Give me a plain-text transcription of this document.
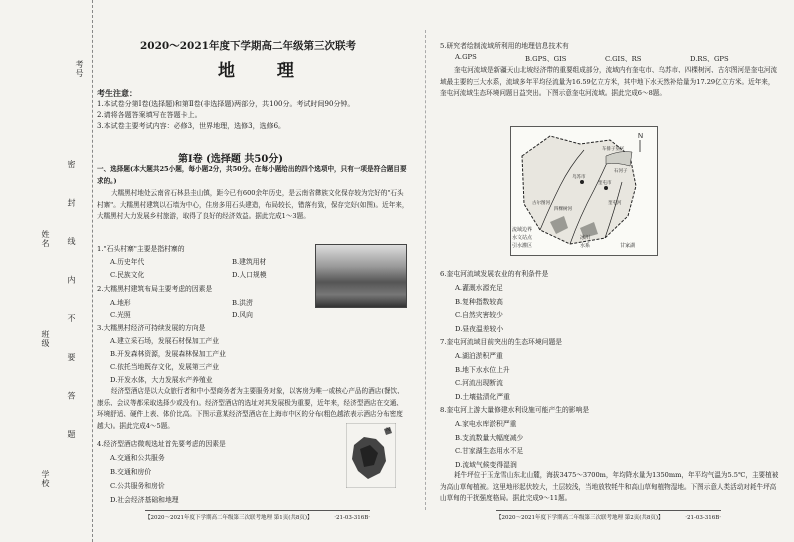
考号
姓名
班级
学校
密 封 线 内 不 要 答 题
2020～2021年度下学期高二年级第三次联考
地 理
考生注意：
1.本试卷分第Ⅰ卷(选择题)和第Ⅱ卷(非选择题)两部分，共100分。考试时间90分钟。
2.请将各题答案填写在答题卡上。
3.本试卷主要考试内容：必修3，世界地理，选修3，选修6。
第Ⅰ卷 (选择题 共50分)
一、选择题(本大题共25小题，每小题2分，共50分。在每小题给出的四个选项中，只有一项是符合题目要求的。)
大糯黑村地处云南省石林县圭山镇，距今已有600余年历史，是云南省彝族文化保存较为完好的"石头村寨"。大糯黑村建筑以石墙为中心，住房多用石头建造，布局较长，错落有致，保存完好(如图)。近年来，大糯黑村大力发展乡村旅游，取得了良好的经济效益。据此完成1～3题。
1."石头村寨"主要是指村寨的
A.历史年代	B.建筑用材
C.民族文化	D.人口规模
2.大糯黑村建筑布局主要考虑的因素是
A.地形	B.洪涝
C.光照	D.风向
3.大糯黑村经济可持续发展的方向是
A.建立采石场，发展石材保加工产业
B.开发森林资源，发展森林保加工产业
C.依托当地既存文化，发展第三产业
D.开发水体，大力发展水产养殖业
经济型酒店是以大众旅行者和中小型商务者为主要服务对象，以客房为唯一或核心产品的酒店(餐饮、康乐、会议等都采取选择少或没有)。经济型酒店的选址对其发展极为重要，近年来，经济型酒店在交通、环境舒适、硬件上表、体价比高。下图示意某经济型酒店在上海市中区的分布(粗色越浓表示酒店分布密度越大)。据此完成4～5题。
4.经济型酒店微观选址首先要考虑的因素是
A.交通和公共服务
B.交通和房价
C.公共服务和房价
D.社会经济基础和地理
N
【2020～2021年度下学期高二年级第三次联考地理 第1页(共8页)】	·21-03-316B·
5.研究者绘制流域所利用的地理信息技术有
A.GPS	B.GPS、GIS	C.GIS、RS	D.RS、GPS
奎屯河流域是新疆天山北坡经济带的重要组成部分，流域内有奎屯市、乌苏市、四棵树河、古尔图河是奎屯河流域最主要的三大水系，流域多年平均径流量为16.59亿立方米，其中地下水天然补给量为17.29亿立方米。近年来，奎屯河流域生态环境问题日益突出。下图示意奎屯河流域。据此完成6～8题。
N
乌苏市
奎屯市
古尔图河
四棵树河
奎屯河
车排子垦区
石河子
流域边界
水文站点
引水灌区
冰川
水系	甘家湖
6.奎屯河流域发展农业的有利条件是
A.灌溉水源充足
B.复种指数较高
C.自然灾害较少
D.昼夜温差较小
7.奎屯河流域目前突出的生态环境问题是
A.湖泊淤积严重
B.地下水水位上升
C.河流出现断流
D.土壤盐渍化严重
8.奎屯河上游大量修建水利设施可能产生的影响是
A.家电水库淤积严重
B.支流数量大幅度减少
C.甘家湖生态用水不足
D.流域气候变得湿润
耗牛坪位于玉龙雪山东北山麓，海拔3475～3700m，年均降水量为1350mm，年平均气温为5.5℃，主要植被为高山草甸植被。这里地形起伏较大，土层较浅，当地放牧牦牛和高山草甸植物湿地。下图示意人类活动对耗牛坪高山草甸的干扰强度格局。据此完成9～11题。
【2020～2021年度下学期高二年级第三次联考地理 第2页(共8页)】	·21-03-316B·
